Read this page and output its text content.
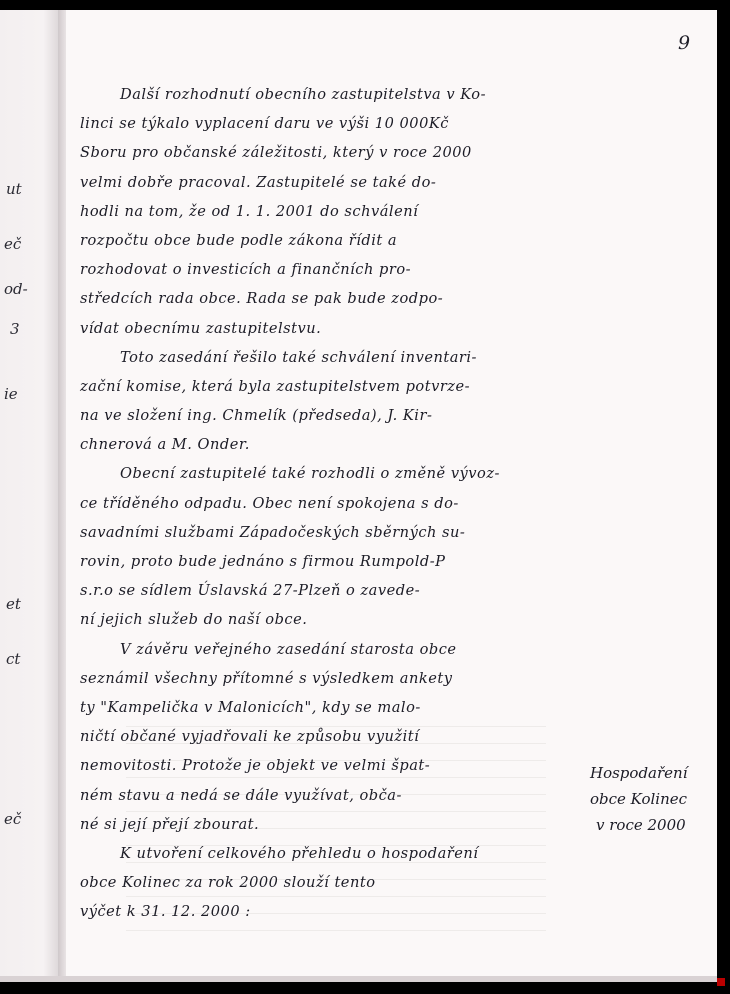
ut
eč
od-
3
ie
et
ct
eč
9
Další rozhodnutí obecního zastupitelstva v Ko-
linci se týkalo vyplacení daru ve výši 10 000Kč
Sboru pro občanské záležitosti, který v roce 2000
velmi dobře pracoval. Zastupitelé se také do-
hodli na tom, že od 1. 1. 2001 do schválení
rozpočtu obce bude podle zákona řídit a
rozhodovat o investicích a finančních pro-
středcích rada obce. Rada se pak bude zodpo-
vídat obecnímu zastupitelstvu.
Toto zasedání řešilo také schválení inventari-
zační komise, která byla zastupitelstvem potvrze-
na ve složení ing. Chmelík (předseda), J. Kir-
chnerová a M. Onder.
Obecní zastupitelé také rozhodli o změně vývoz-
ce tříděného odpadu. Obec není spokojena s do-
savadními službami Západočeských sběrných su-
rovin, proto bude jednáno s firmou Rumpold-P
s.r.o se sídlem Úslavská 27-Plzeň o zavede-
ní jejich služeb do naší obce.
V závěru veřejného zasedání starosta obce
seznámil všechny přítomné s výsledkem ankety
ty "Kampelička v Malonicích", kdy se malo-
ničtí občané vyjadřovali ke způsobu využití
nemovitosti. Protože je objekt ve velmi špat-
ném stavu a nedá se dále využívat, obča-
né si její přejí zbourat.
K utvoření celkového přehledu o hospodaření
obce Kolinec za rok 2000 slouží tento
výčet k 31. 12. 2000 :
Hospodaření
obce Kolinec
v roce 2000
